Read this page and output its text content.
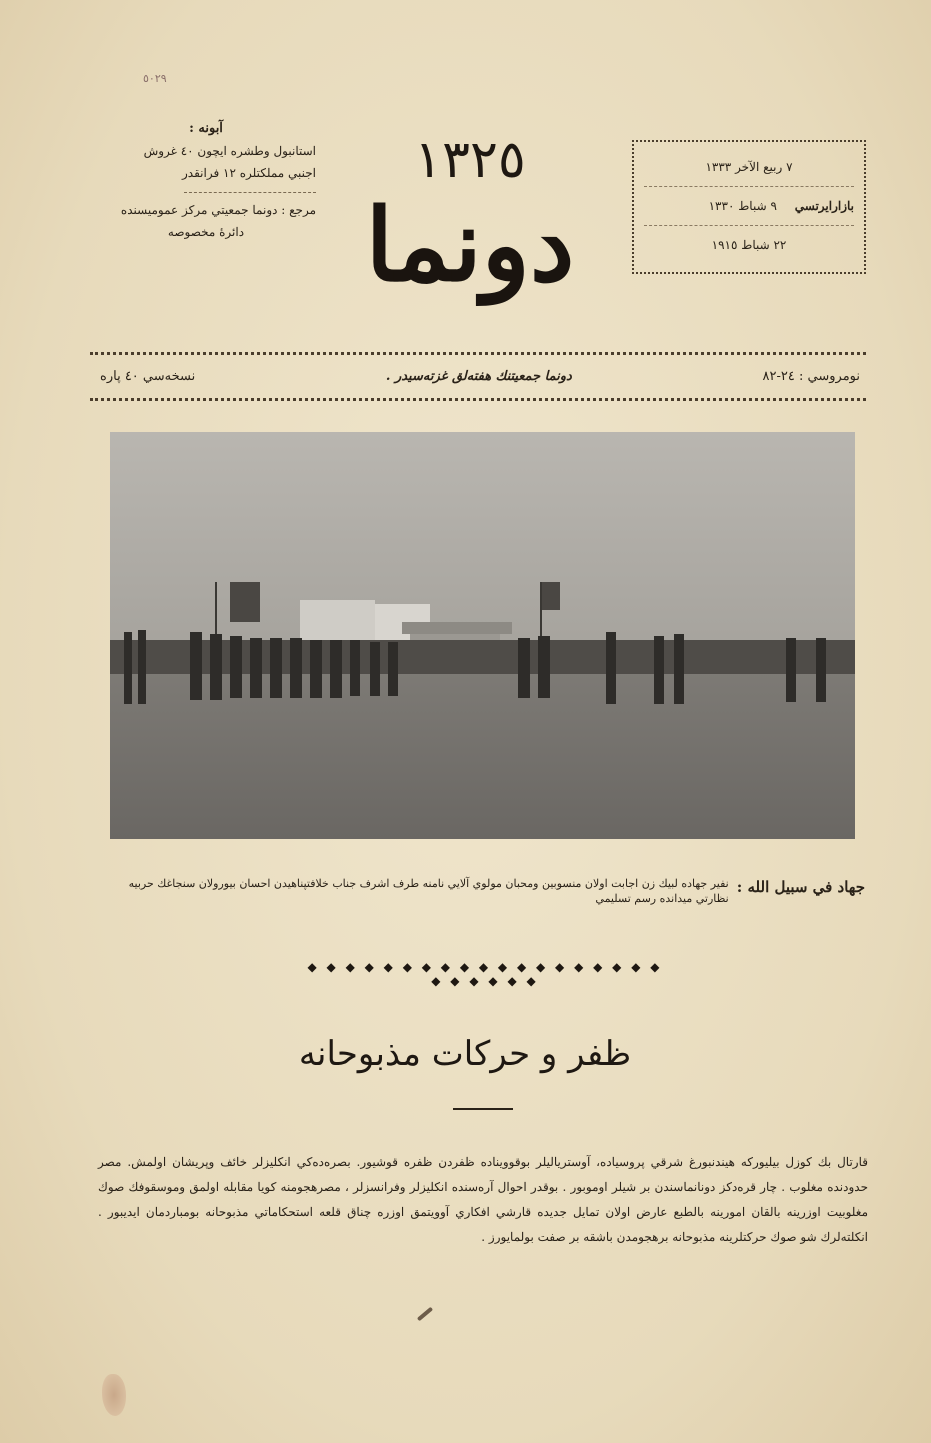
٥٠٢٩
آبونه :
استانبول وطشره ايچون ٤٠ غروش
اجنبي مملكتلره ١٢ فرانقدر
مرجع : دونما جمعيتي مركز عموميسنده
دائرهٔ مخصوصه
١٣٢٥
دونما
٧ ربيع الآخر ١٣٣٣
بازارايرتسي ٩ شباط ١٣٣٠
٢٢ شباط ١٩١٥
نسخه‌سي ٤٠ پاره	دونما جمعيتنك هفته‌لق غزته‌سيدر .	نومروسي : ٢٤-٨٢
جهاد في سبيل الله :
نفير جهاده لبيك زن اجابت اولان منسوبين ومحبان مولوي آلايي نامنه طرف اشرف جناب خلافتپناهيدن احسان بيورولان سنجاغك حربيه نظارتي ميدانده رسم تسليمي
◆ ◆ ◆ ◆ ◆ ◆ ◆ ◆ ◆ ◆ ◆ ◆ ◆ ◆ ◆ ◆ ◆ ◆ ◆ ◆ ◆ ◆ ◆ ◆ ◆
ظفر و حركات مذبوحانه
قارتال بك كوزل بيليوركه هيندنبورغ شرقي پروسياده، آوستريالیلر بوقوويناده ظفردن ظفره قوشيور. بصره‌ده‌كي انكليزلر خائف وپريشان اولمش. مصر حدودنده مغلوب . چار قره‌دكز دونانماسندن بر شيلر اوموبور . بوقدر احوال آره‌سنده انكليزلر وفرانسزلر ، مصرهجومنه كويا مقابله اولمق وموسقوفك صوك مغلوبيت اوزرينه بالقان امورينه بالطبع عارض اولان تمايل جديده قارشي افكاري آوويتمق اوزره چناق قلعه استحكاماتي مذبوحانه بومباردمان ايديبور . انكلته‌لرك شو صوك حركتلرينه مذبوحانه برهجومدن باشقه بر صفت بولمايورز .
